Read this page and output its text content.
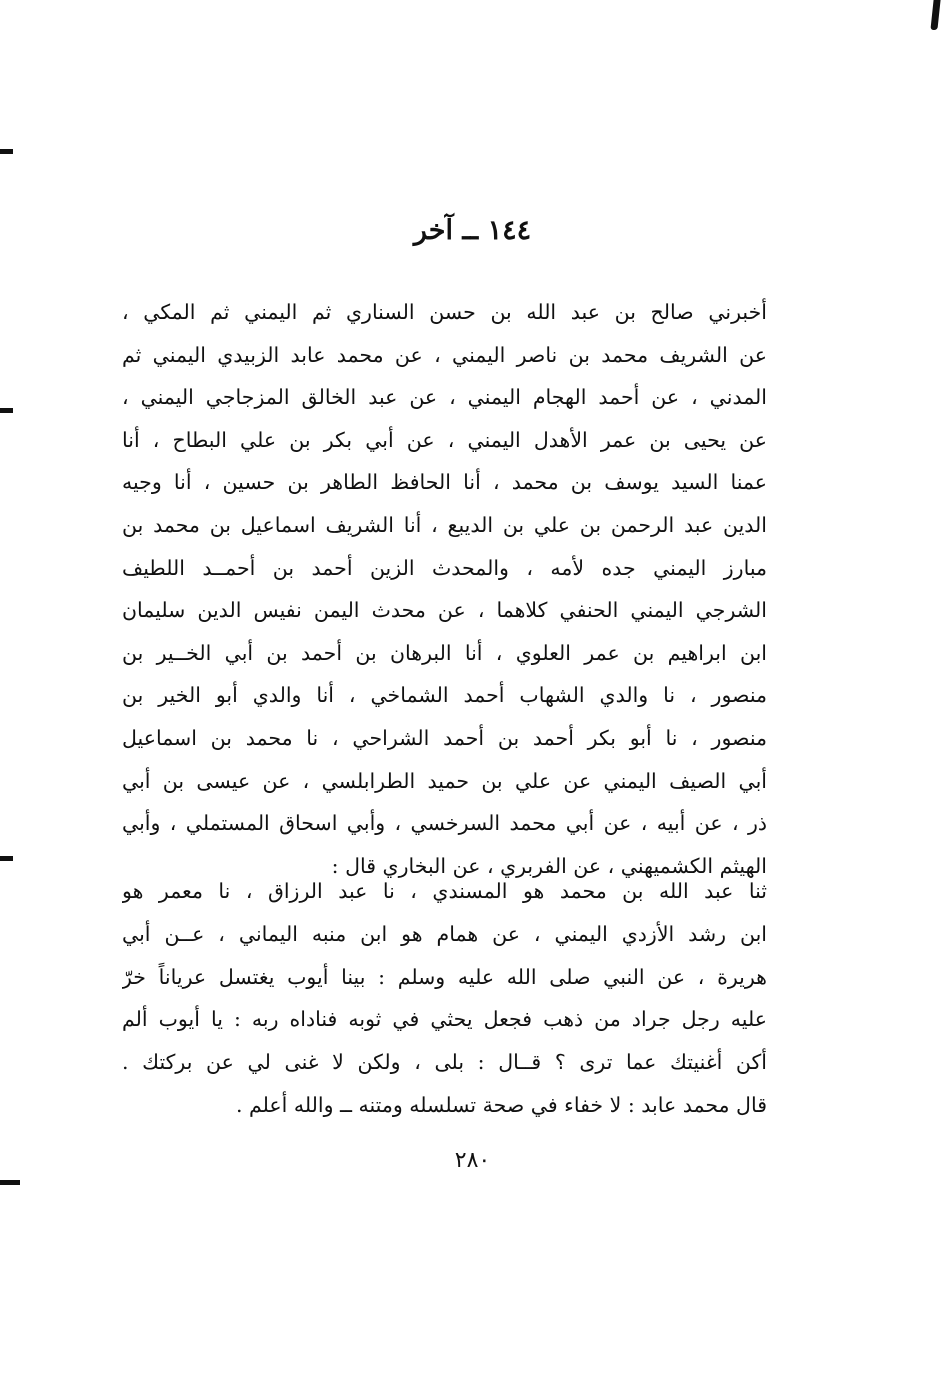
١٤٤ ــ آخر
أخبرني صالح بن عبد الله بن حسن السناري ثم اليمني ثم المكي ،
عن الشريف محمد بن ناصر اليمني ، عن محمد عابد الزبيدي اليمني ثم
المدني ، عن أحمد الهجام اليمني ، عن عبد الخالق المزجاجي اليمني ،
عن يحيى بن عمر الأهدل اليمني ، عن أبي بكر بن علي البطاح ، أنا
عمنا السيد يوسف بن محمد ، أنا الحافظ الطاهر بن حسين ، أنا وجيه
الدين عبد الرحمن بن علي بن الديبع ، أنا الشريف اسماعيل بن محمد بن
مبارز اليمني جده لأمه ، والمحدث الزين أحمد بن أحمــد اللطيف
الشرجي اليمني الحنفي كلاهما ، عن محدث اليمن نفيس الدين سليمان
ابن ابراهيم بن عمر العلوي ، أنا البرهان بن أحمد بن أبي الخــير بن
منصور ، نا والدي الشهاب أحمد الشماخي ، أنا والدي أبو الخير بن
منصور ، نا أبو بكر أحمد بن أحمد الشراحي ، نا محمد بن اسماعيل
أبي الصيف اليمني عن علي بن حميد الطرابلسي ، عن عيسى بن أبي
ذر ، عن أبيه ، عن أبي محمد السرخسي ، وأبي اسحاق المستملي ، وأبي
الهيثم الكشميهني ، عن الفربري ، عن البخاري قال :
ثنا عبد الله بن محمد هو المسندي ، نا عبد الرزاق ، نا معمر هو
ابن رشد الأزدي اليمني ، عن همام هو ابن منبه اليماني ، عــن أبي
هريرة ، عن النبي صلى الله عليه وسلم : بينا أيوب يغتسل عرياناً خرّ
عليه رجل جراد من ذهب فجعل يحثي في ثوبه فناداه ربه : يا أيوب ألم
أكن أغنيتك عما ترى ؟ قــال : بلى ، ولكن لا غنى لي عن بركتك .
قال محمد عابد : لا خفاء في صحة تسلسله ومتنه ــ والله أعلم .
٢٨٠
